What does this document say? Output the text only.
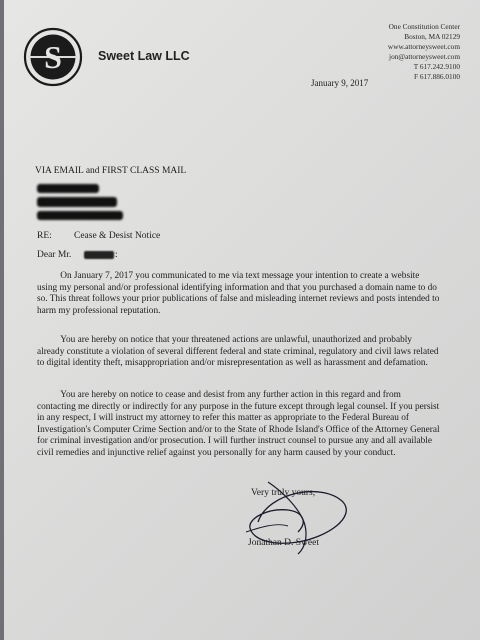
S	Sweet Law LLC
One Constitution Center
Boston, MA 02129
www.attorneysweet.com
jon@attorneysweet.com
T 617.242.9100
F 617.886.0100
January 9, 2017
VIA EMAIL and FIRST CLASS MAIL
RE: Cease & Desist Notice
Dear Mr.	:
   On January 7, 2017 you communicated to me via text message your intention to create a website using my personal and/or professional identifying information and that you purchased a domain name to do so. This threat follows your prior publications of false and misleading internet reviews and posts intended to harm my professional reputation.
   You are hereby on notice that your threatened actions are unlawful, unauthorized and probably already constitute a violation of several different federal and state criminal, regulatory and civil laws related to digital identity theft, misappropriation and/or misrepresentation as well as harassment and defamation.
   You are hereby on notice to cease and desist from any further action in this regard and from contacting me directly or indirectly for any purpose in the future except through legal counsel. If you persist in any respect, I will instruct my attorney to refer this matter as appropriate to the Federal Bureau of Investigation's Computer Crime Section and/or to the State of Rhode Island's Office of the Attorney General for criminal investigation and/or prosecution. I will further instruct counsel to pursue any and all available civil remedies and injunctive relief against you personally for any harm caused by your conduct.
Very truly yours,
Jonathan D. Sweet
